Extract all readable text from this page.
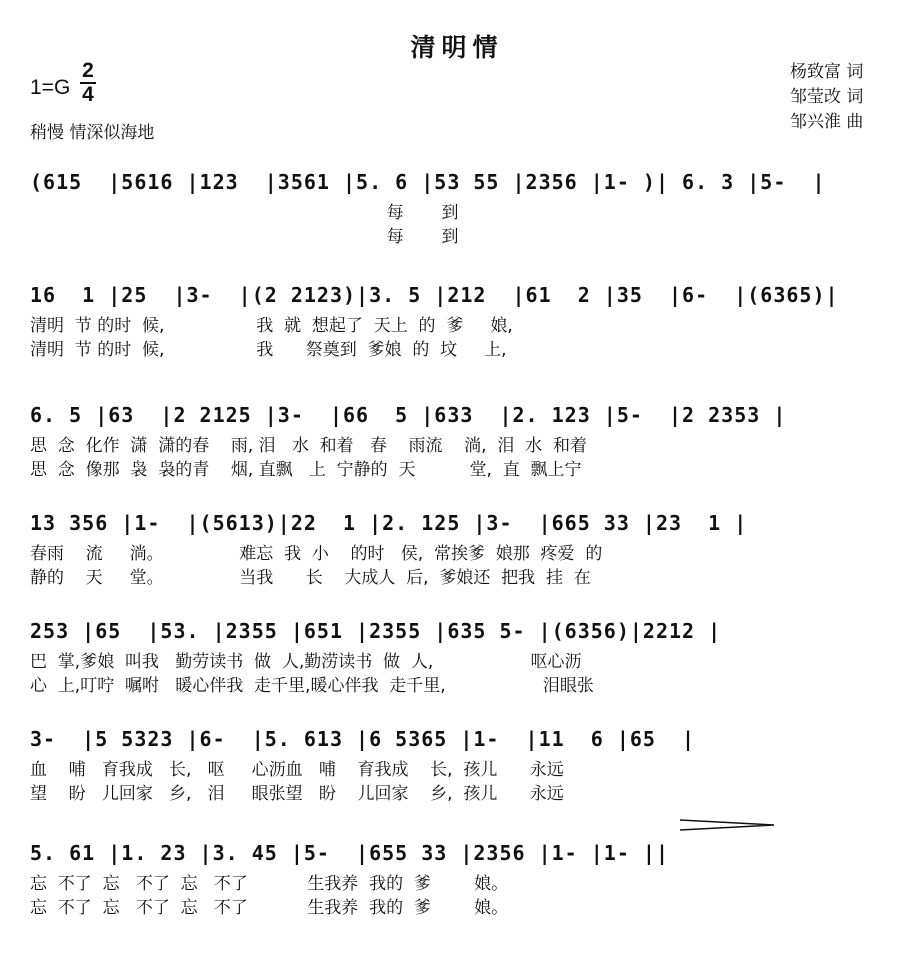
清明情
1=G
2
4
稍慢 情深似海地
杨致富 词
邹莹改 词
邹兴淮 曲
(615  |5616 |123  |3561 |5. 6 |53 55 |2356 |1- )| 6. 3 |5-  |
每       到
每       到
16  1 |25  |3-  |(2 2123)|3. 5 |212  |61  2 |35  |6-  |(6365)|
清明  节 的时  候,                 我  就  想起了  天上  的  爹     娘,
清明  节 的时  候,                 我      祭奠到  爹娘  的  坟     上,
6. 5 |63  |2 2125 |3-  |66  5 |633  |2. 123 |5-  |2 2353 |
思  念  化作  潇  潇的春    雨, 泪   水  和着   春    雨流    淌,  泪  水  和着
思  念  像那  袅  袅的青    烟, 直飘   上  宁静的  天          堂,  直  飘上宁
13 356 |1-  |(5613)|22  1 |2. 125 |3-  |665 33 |23  1 |
春雨    流     淌。              难忘  我  小    的时   侯,  常挨爹  娘那  疼爱  的
静的    天     堂。              当我      长    大成人  后,  爹娘还  把我  挂  在
253 |65  |53. |2355 |651 |2355 |635 5- |(6356)|2212 |
巴  掌,爹娘  叫我   勤劳读书  做  人,勤涝读书  做  人,                  呕心沥
心  上,叮咛  嘱咐   暖心伴我  走千里,暖心伴我  走千里,                  泪眼张
3-  |5 5323 |6-  |5. 613 |6 5365 |1-  |11  6 |65  |
血    哺   育我成   长,   呕     心沥血   哺    育我成    长,  孩儿      永远
望    盼   儿回家   乡,   泪     眼张望   盼    儿回家    乡,  孩儿      永远
5. 61 |1. 23 |3. 45 |5-  |655 33 |2356 |1- |1- ||
忘  不了  忘   不了  忘   不了           生我养  我的  爹        娘。
忘  不了  忘   不了  忘   不了           生我养  我的  爹        娘。
